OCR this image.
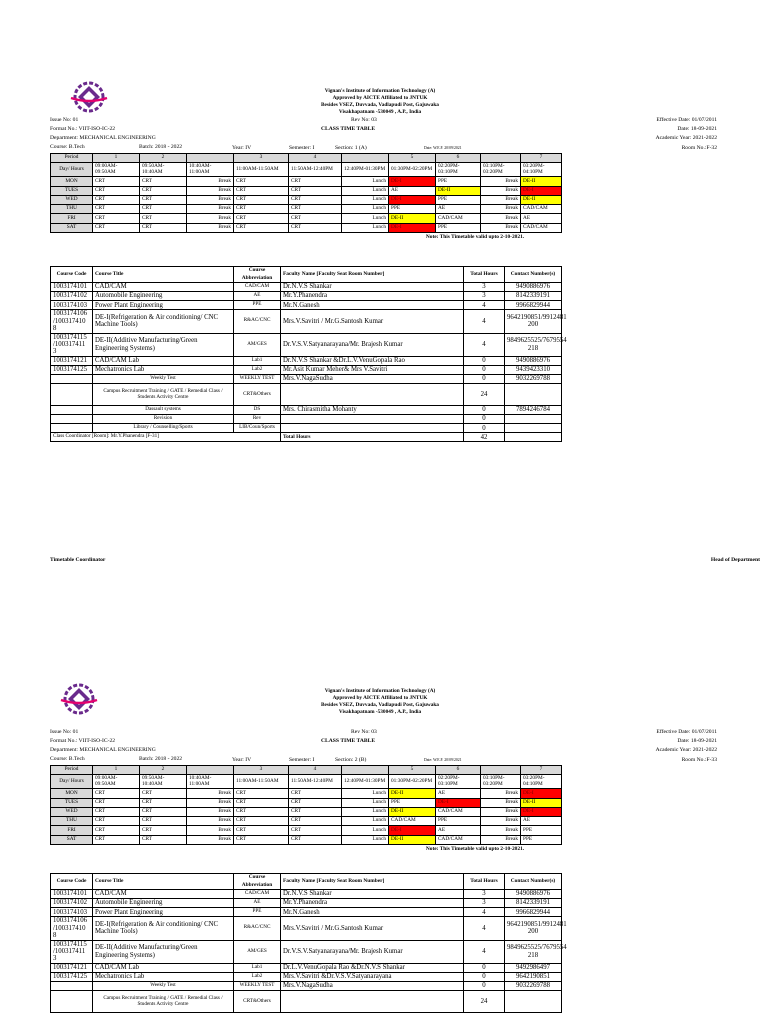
Vignan's Institute of Information Technology (A)
Approved by AICTE Affiliated to JNTUK
Besides VSEZ, Duvvada, Vadlapudi Post, Gajuwaka
Visakhapatnam -530049 , A.P., India
Issue No: 01	Rev No: 03	Effective Date: 01/07/2011
Format No.: VIIT-ISO-IC-22	CLASS TIME TABLE	Date: 18-09-2021
Department: MECHANICAL ENGINEERING	Academic Year: 2021-2022
Course: B.Tech	Batch: 2018 - 2022	Year: IV	Semester: I	Section: 1 (A)	Date: W.E.F. 20/09/2021	Room No.:F-32
Period	1	2		3	4		5	6		7
Day/ Hours	09:00AM-09:50AM	09:50AM-10:40AM	10:40AM-11:00AM	11:00AM-11:50AM	11:50AM-12:40PM	12:40PM-01:30PM	01:30PM-02:20PM	02:20PM-03:10PM	03:10PM-03:20PM	03:20PM-04:10PM
MON	CRT	CRT	Break	CRT	CRT	Lunch	DE-I	PPE	Break	DE-II
TUES	CRT	CRT	Break	CRT	CRT	Lunch	AE	DE-II	Break	DE-I
WED	CRT	CRT	Break	CRT	CRT	Lunch	DE-I	PPE	Break	DE-II
THU	CRT	CRT	Break	CRT	CRT	Lunch	PPE	AE	Break	CAD/CAM
FRI	CRT	CRT	Break	CRT	CRT	Lunch	DE-II	CAD/CAM	Break	AE
SAT	CRT	CRT	Break	CRT	CRT	Lunch	DE-I	PPE	Break	CAD/CAM
							Note: This Timetable valid upto 2-10-2021.			
Course Code	Course Title	Course Abbreviation	Faculty Name [Faculty Seat Room Number]	Total Hours	Contact Number(s)
1003174101	CAD/CAM	CAD/CAM	Dr.N.V.S Shankar	3	9490886976
1003174102	Automobile Engineering	AE	Mr.Y.Phanendra	3	8142339191
1003174103	Power Plant Engineering	PPE	Mr.N.Ganesh	4	9966829944
1003174106 /100317410 8	DE-I(Refrigeration & Air conditioning/ CNC Machine Tools)	R&AC/CNC	Mrs.V.Savitri / Mr.G.Santosh Kumar	4	9642190851/9912481 200
1003174115 /100317411 3	DE-II(Additive Manufacturing/Green Engineering Systems)	AM/GES	Dr.V.S.V.Satyanarayana/Mr. Brajesh Kumar	4	9849625525/7679554 218
1003174121	CAD/CAM Lab	Lab1	Dr.N.V.S Shankar &Dr.L.V.VenuGopala Rao	0	9490886976
1003174125	Mechatronics Lab	Lab2	Mr.Asit Kumar Meher& Mrs V.Savitri	0	9439423310
	Weekly Test	WEEKLY TEST	Mrs.V.NagaSudha	0	9032269788
	Campus Recruitment Training / GATE / Remedial Class / Students Activity Centre	CRT&Others		24	
	Dassault systems	DS	Mrs. Chirasmitha Mohanty	0	7894246784
	Revision	Rev		0	
	Library / Counselling/Sports	LIB/Coun/Sports		0	
Class Coordinator [Room]: Mr.Y.Phanendra [F-31]			Total Hours	42	
Timetable Coordinator	Head of Department
Vignan's Institute of Information Technology (A)
Approved by AICTE Affiliated to JNTUK
Besides VSEZ, Duvvada, Vadlapudi Post, Gajuwaka
Visakhapatnam -530049 , A.P., India
Issue No: 01	Rev No: 03	Effective Date: 01/07/2011
Format No.: VIIT-ISO-IC-22	CLASS TIME TABLE	Date: 18-09-2021
Department: MECHANICAL ENGINEERING	Academic Year: 2021-2022
Course: B.Tech	Batch: 2018 - 2022	Year: IV	Semester: I	Section: 2 (B)	Date: W.E.F. 20/09/2021	Room No.:F-33
Period	1	2		3	4		5	6		7
Day/ Hours	09:00AM-09:50AM	09:50AM-10:40AM	10:40AM-11:00AM	11:00AM-11:50AM	11:50AM-12:40PM	12:40PM-01:30PM	01:30PM-02:20PM	02:20PM-03:10PM	03:10PM-03:20PM	03:20PM-04:10PM
MON	CRT	CRT	Break	CRT	CRT	Lunch	DE-II	AE	Break	DE-I
TUES	CRT	CRT	Break	CRT	CRT	Lunch	PPE	DE-I	Break	DE-II
WED	CRT	CRT	Break	CRT	CRT	Lunch	DE-II	CAD/CAM	Break	DE-I
THU	CRT	CRT	Break	CRT	CRT	Lunch	CAD/CAM	PPE	Break	AE
FRI	CRT	CRT	Break	CRT	CRT	Lunch	DE-I	AE	Break	PPE
SAT	CRT	CRT	Break	CRT	CRT	Lunch	DE-II	CAD/CAM	Break	PPE
							Note: This Timetable valid upto 2-10-2021.			
Course Code	Course Title	Course Abbreviation	Faculty Name [Faculty Seat Room Number]	Total Hours	Contact Number(s)
1003174101	CAD/CAM	CAD/CAM	Dr.N.V.S Shankar	3	9490886976
1003174102	Automobile Engineering	AE	Mr.Y.Phanendra	3	8142339191
1003174103	Power Plant Engineering	PPE	Mr.N.Ganesh	4	9966829944
1003174106 /100317410 8	DE-I(Refrigeration & Air conditioning/ CNC Machine Tools)	R&AC/CNC	Mrs.V.Savitri / Mr.G.Santosh Kumar	4	9642190851/9912481 200
1003174115 /100317411 3	DE-II(Additive Manufacturing/Green Engineering Systems)	AM/GES	Dr.V.S.V.Satyanarayana/Mr. Brajesh Kumar	4	9849625525/7679554 218
1003174121	CAD/CAM Lab	Lab1	Dr.L.V.VenuGopala Rao &Dr.N.V.S Shankar	0	9492986497
1003174125	Mechatronics Lab	Lab2	Mrs.V.Savitri &Dr.V.S.V.Satyanarayana	0	9642190851
	Weekly Test	WEEKLY TEST	Mrs.V.NagaSudha	0	9032269788
	Campus Recruitment Training / GATE / Remedial Class / Students Activity Centre	CRT&Others		24	
